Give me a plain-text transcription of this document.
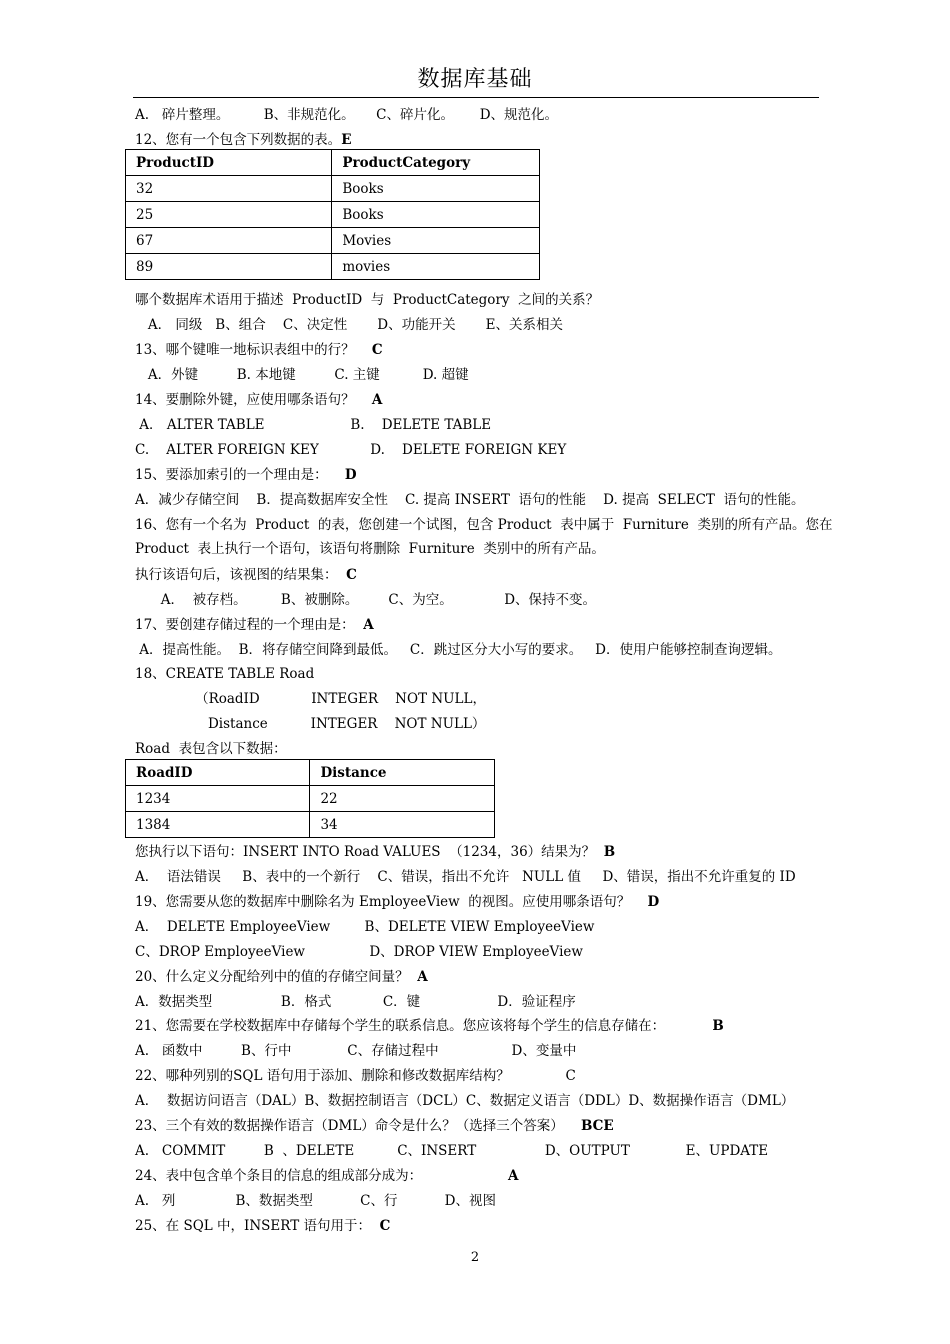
数据库基础
A.   碎片整理。        B、非规范化。     C、碎片化。      D、规范化。
12、您有一个包含下列数据的表。E
哪个数据库术语用于描述  ProductID  与  ProductCategory  之间的关系？
A． 同级   B、组合    C、决定性       D、功能开关       E、关系相关
13、哪个键唯一地标识表组中的行？    C
A．外键         B. 本地键         C. 主键          D. 超键
14、要删除外键，应使用哪条语句？    A
A． ALTER TABLE                    B.    DELETE TABLE
C.    ALTER FOREIGN KEY            D.    DELETE FOREIGN KEY
15、要添加索引的一个理由是：    D
A．减少存储空间    B．提高数据库安全性    C. 提高 INSERT  语句的性能    D. 提高  SELECT  语句的性能。
16、您有一个名为  Product  的表，您创建一个试图，包含 Product  表中属于  Furniture  类别的所有产品。您在
Product  表上执行一个语句，该语句将删除  Furniture  类别中的所有产品。
执行该语句后，该视图的结果集：  C
A．  被存档。        B、被删除。       C、为空。            D、保持不变。
17、要创建存储过程的一个理由是：  A
A．提高性能。  B．将存储空间降到最低。   C．跳过区分大小写的要求。   D．使用户能够控制查询逻辑。
18、CREATE TABLE Road
（RoadID            INTEGER    NOT NULL，
Distance          INTEGER    NOT NULL）
Road  表包含以下数据：
您执行以下语句：INSERT INTO Road VALUES  （1234，36）结果为？  B
A．  语法错误     B、表中的一个新行    C、错误，指出不允许   NULL 值     D、错误，指出不允许重复的 ID
19、您需要从您的数据库中删除名为 EmployeeView  的视图。应使用哪条语句？    D
A．  DELETE EmployeeView        B、DELETE VIEW EmployeeView
C、DROP EmployeeView               D、DROP VIEW EmployeeView
20、什么定义分配给列中的值的存储空间量？  A
A．数据类型                B．格式            C．键                  D．验证程序
21、您需要在学校数据库中存储每个学生的联系信息。您应该将每个学生的信息存储在：           B
A.   函数中         B、行中             C、存储过程中                 D、变量中
22、哪种列别的SQL 语句用于添加、删除和修改数据库结构？             C
A．  数据访问语言（DAL）B、数据控制语言（DCL）C、数据定义语言（DDL）D、数据操作语言（DML）
23、三个有效的数据操作语言（DML）命令是什么？（选择三个答案）    BCE
A.   COMMIT         B  、DELETE          C、INSERT                D、OUTPUT             E、UPDATE
24、表中包含单个条目的信息的组成部分成为：                    A
A.   列              B、数据类型           C、行           D、视图
25、在 SQL 中，INSERT 语句用于：  C
ProductID	ProductCategory
32	Books
25	Books
67	Movies
89	movies
RoadID	Distance
1234	22
1384	34
2
